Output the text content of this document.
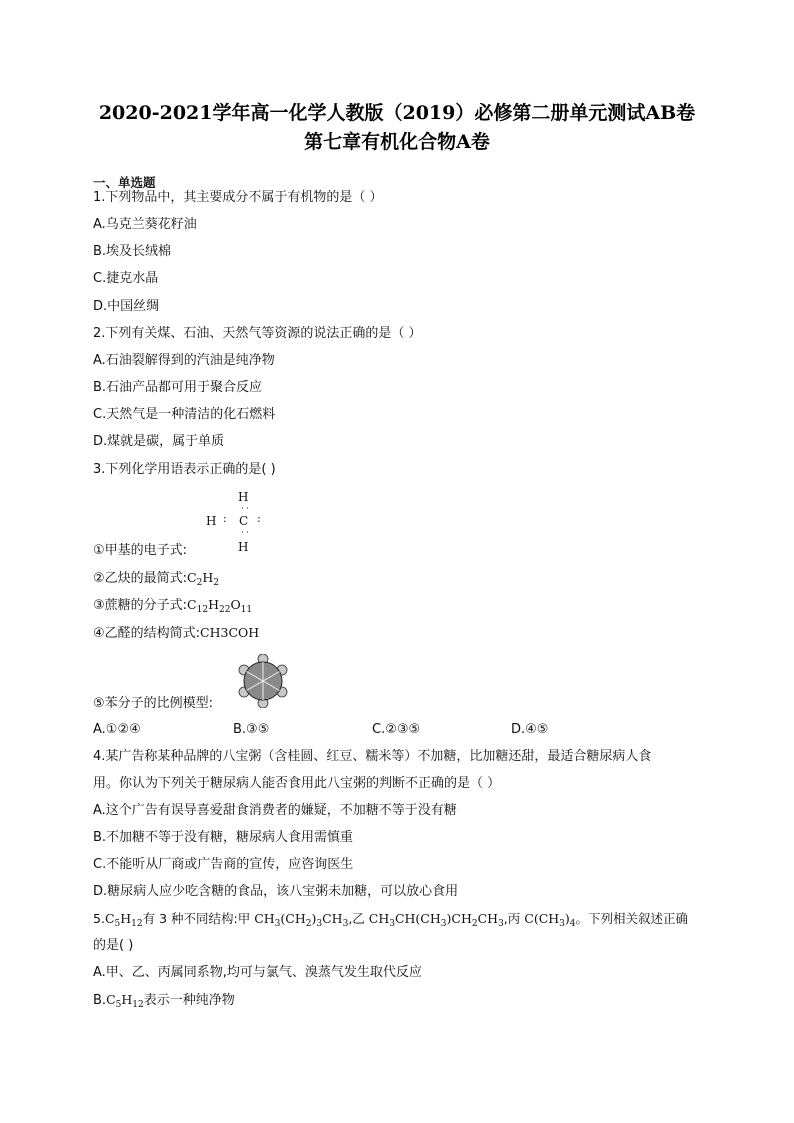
2020-2021学年高一化学人教版（2019）必修第二册单元测试AB卷
第七章有机化合物A卷
一、单选题
1.下列物品中，其主要成分不属于有机物的是（ ）
A.乌克兰葵花籽油
B.埃及长绒棉
C.捷克水晶
D.中国丝绸
2.下列有关煤、石油、天然气等资源的说法正确的是（ ）
A.石油裂解得到的汽油是纯净物
B.石油产品都可用于聚合反应
C.天然气是一种清洁的化石燃料
D.煤就是碳，属于单质
3.下列化学用语表示正确的是( )
H
··
H : C :
··
H
①甲基的电子式:
②乙炔的最简式$:C_2H_2$
③蔗糖的分子式$:C_{12}H_{22}O_{11}$
④乙醛的结构简式:CH3COH
⑤苯分子的比例模型:
A.①②④	B.③⑤	C.②③⑤	D.④⑤
4.某广告称某种品牌的八宝粥（含桂圆、红豆、糯米等）不加糖，比加糖还甜，最适合糖尿病人食
用。你认为下列关于糖尿病人能否食用此八宝粥的判断不正确的是（ ）
A.这个广告有误导喜爱甜食消费者的嫌疑，不加糖不等于没有糖
B.不加糖不等于没有糖，糖尿病人食用需慎重
C.不能听从厂商或广告商的宣传，应咨询医生
D.糖尿病人应少吃含糖的食品，该八宝粥未加糖，可以放心食用
$5.C_5H_{12}$有 3 种不同结构:甲 $CH_3(CH_2)_3CH_3$,乙 $CH_3CH(CH_3)CH_2CH_3$,丙 $C(CH_3)_4$。下列相关叙述正确
的是( )
A.甲、乙、丙属同系物,均可与氯气、溴蒸气发生取代反应
$B.C_5H_{12}$表示一种纯净物
